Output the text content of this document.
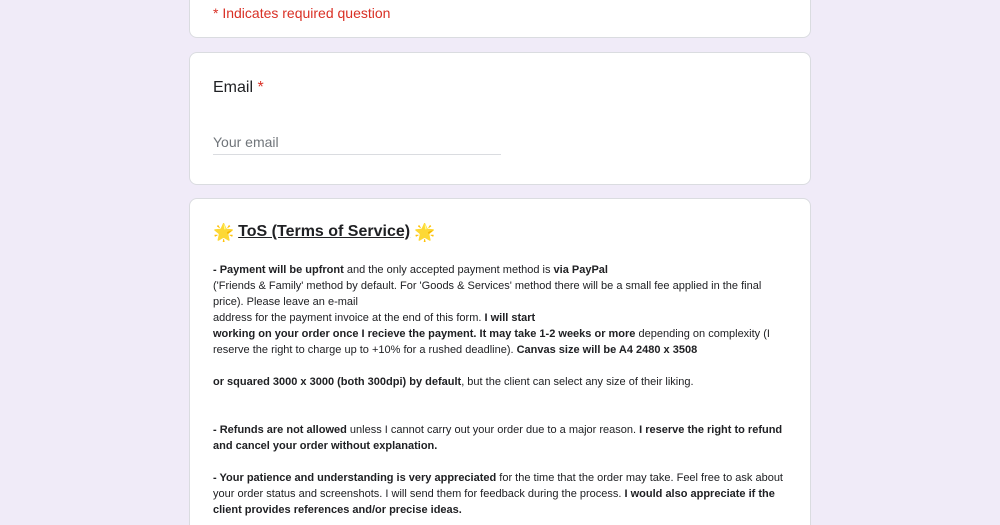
* Indicates required question
Email *
Your email
🌟 ToS (Terms of Service) 🌟

- Payment will be upfront and the only accepted payment method is via PayPal
('Friends & Family' method by default. For 'Goods & Services' method there will be a small fee applied in the final price). Please leave an e-mail
address for the payment invoice at the end of this form. I will start
working on your order once I recieve the payment. It may take 1-2 weeks or more depending on complexity (I reserve the right to charge up to +10% for a rushed deadline). Canvas size will be A4 2480 x 3508

or squared 3000 x 3000 (both 300dpi) by default, but the client can select any size of their liking.

- Refunds are not allowed unless I cannot carry out your order due to a major reason. I reserve the right to refund and cancel your order without explanation.

- Your patience and understanding is very appreciated for the time that the order may take. Feel free to ask about your order status and screenshots. I will send them for feedback during the process. I would also appreciate if the client provides references and/or precise ideas.
